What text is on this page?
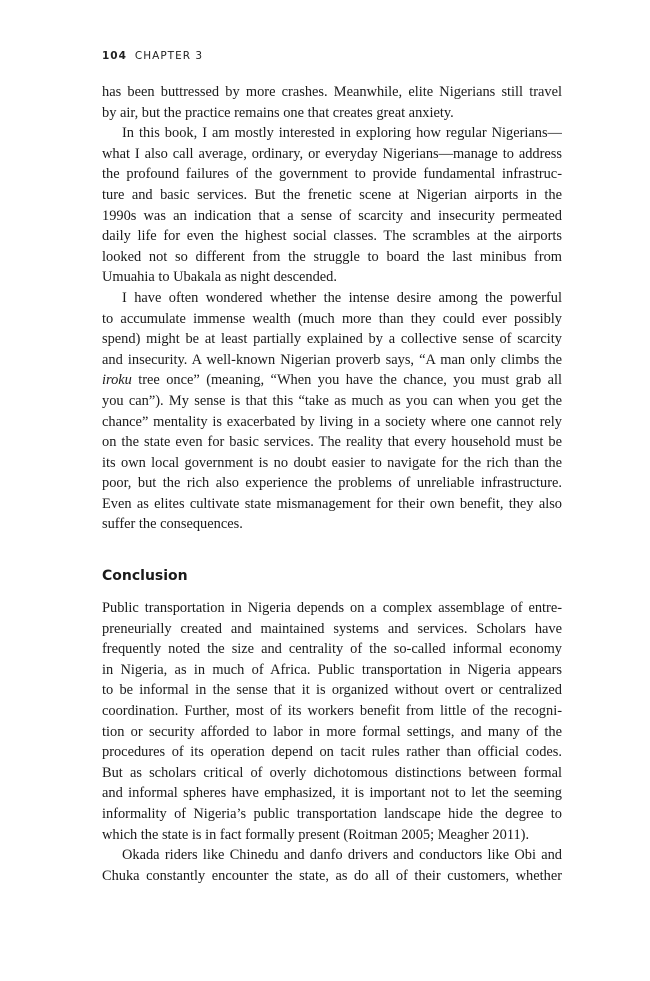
104 CHAPTER 3
has been buttressed by more crashes. Meanwhile, elite Nigerians still travel
by air, but the practice remains one that creates great anxiety.
In this book, I am mostly interested in exploring how regular Nigerians—
what I also call average, ordinary, or everyday Nigerians—manage to address
the profound failures of the government to provide fundamental infrastruc-
ture and basic services. But the frenetic scene at Nigerian airports in the
1990s was an indication that a sense of scarcity and insecurity permeated
daily life for even the highest social classes. The scrambles at the airports
looked not so different from the struggle to board the last minibus from
Umuahia to Ubakala as night descended.
I have often wondered whether the intense desire among the powerful
to accumulate immense wealth (much more than they could ever possibly
spend) might be at least partially explained by a collective sense of scarcity
and insecurity. A well-known Nigerian proverb says, “A man only climbs the
iroku tree once” (meaning, “When you have the chance, you must grab all
you can”). My sense is that this “take as much as you can when you get the
chance” mentality is exacerbated by living in a society where one cannot rely
on the state even for basic services. The reality that every household must be
its own local government is no doubt easier to navigate for the rich than the
poor, but the rich also experience the problems of unreliable infrastructure.
Even as elites cultivate state mismanagement for their own benefit, they also
suffer the consequences.
Conclusion
Public transportation in Nigeria depends on a complex assemblage of entre-
preneurially created and maintained systems and services. Scholars have
frequently noted the size and centrality of the so-called informal economy
in Nigeria, as in much of Africa. Public transportation in Nigeria appears
to be informal in the sense that it is organized without overt or centralized
coordination. Further, most of its workers benefit from little of the recogni-
tion or security afforded to labor in more formal settings, and many of the
procedures of its operation depend on tacit rules rather than official codes.
But as scholars critical of overly dichotomous distinctions between formal
and informal spheres have emphasized, it is important not to let the seeming
informality of Nigeria’s public transportation landscape hide the degree to
which the state is in fact formally present (Roitman 2005; Meagher 2011).
Okada riders like Chinedu and danfo drivers and conductors like Obi and
Chuka constantly encounter the state, as do all of their customers, whether
